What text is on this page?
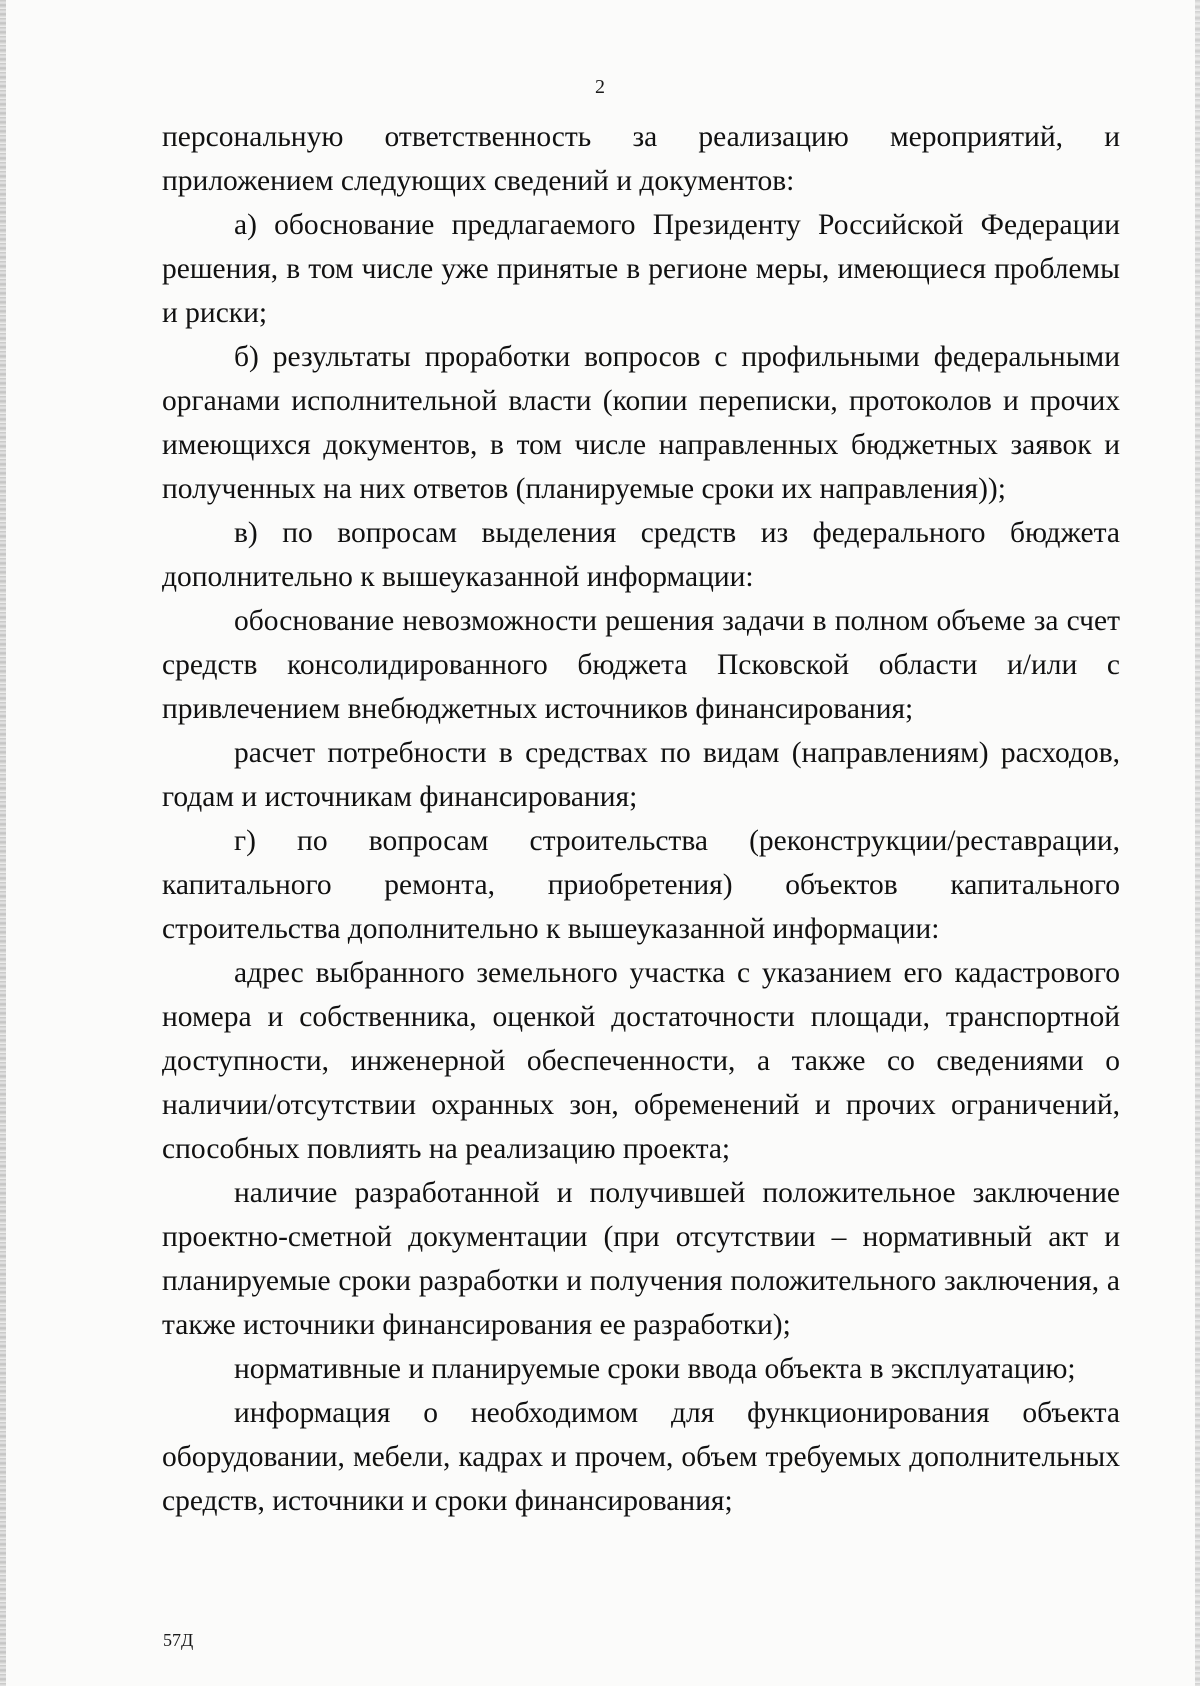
2

персональную ответственность за реализацию мероприятий, и приложением следующих сведений и документов:

а) обоснование предлагаемого Президенту Российской Федерации решения, в том числе уже принятые в регионе меры, имеющиеся проблемы и риски;

б) результаты проработки вопросов с профильными федеральными органами исполнительной власти (копии переписки, протоколов и прочих имеющихся документов, в том числе направленных бюджетных заявок и полученных на них ответов (планируемые сроки их направления));

в) по вопросам выделения средств из федерального бюджета дополнительно к вышеуказанной информации:

обоснование невозможности решения задачи в полном объеме за счет средств консолидированного бюджета Псковской области и/или с привлечением внебюджетных источников финансирования;

расчет потребности в средствах по видам (направлениям) расходов, годам и источникам финансирования;

г) по вопросам строительства (реконструкции/реставрации, капитального ремонта, приобретения) объектов капитального строительства дополнительно к вышеуказанной информации:

адрес выбранного земельного участка с указанием его кадастрового номера и собственника, оценкой достаточности площади, транспортной доступности, инженерной обеспеченности, а также со сведениями о наличии/отсутствии охранных зон, обременений и прочих ограничений, способных повлиять на реализацию проекта;

наличие разработанной и получившей положительное заключение проектно-сметной документации (при отсутствии – нормативный акт и планируемые сроки разработки и получения положительного заключения, а также источники финансирования ее разработки);

нормативные и планируемые сроки ввода объекта в эксплуатацию;

информация о необходимом для функционирования объекта оборудовании, мебели, кадрах и прочем, объем требуемых дополнительных средств, источники и сроки финансирования;

57Д
